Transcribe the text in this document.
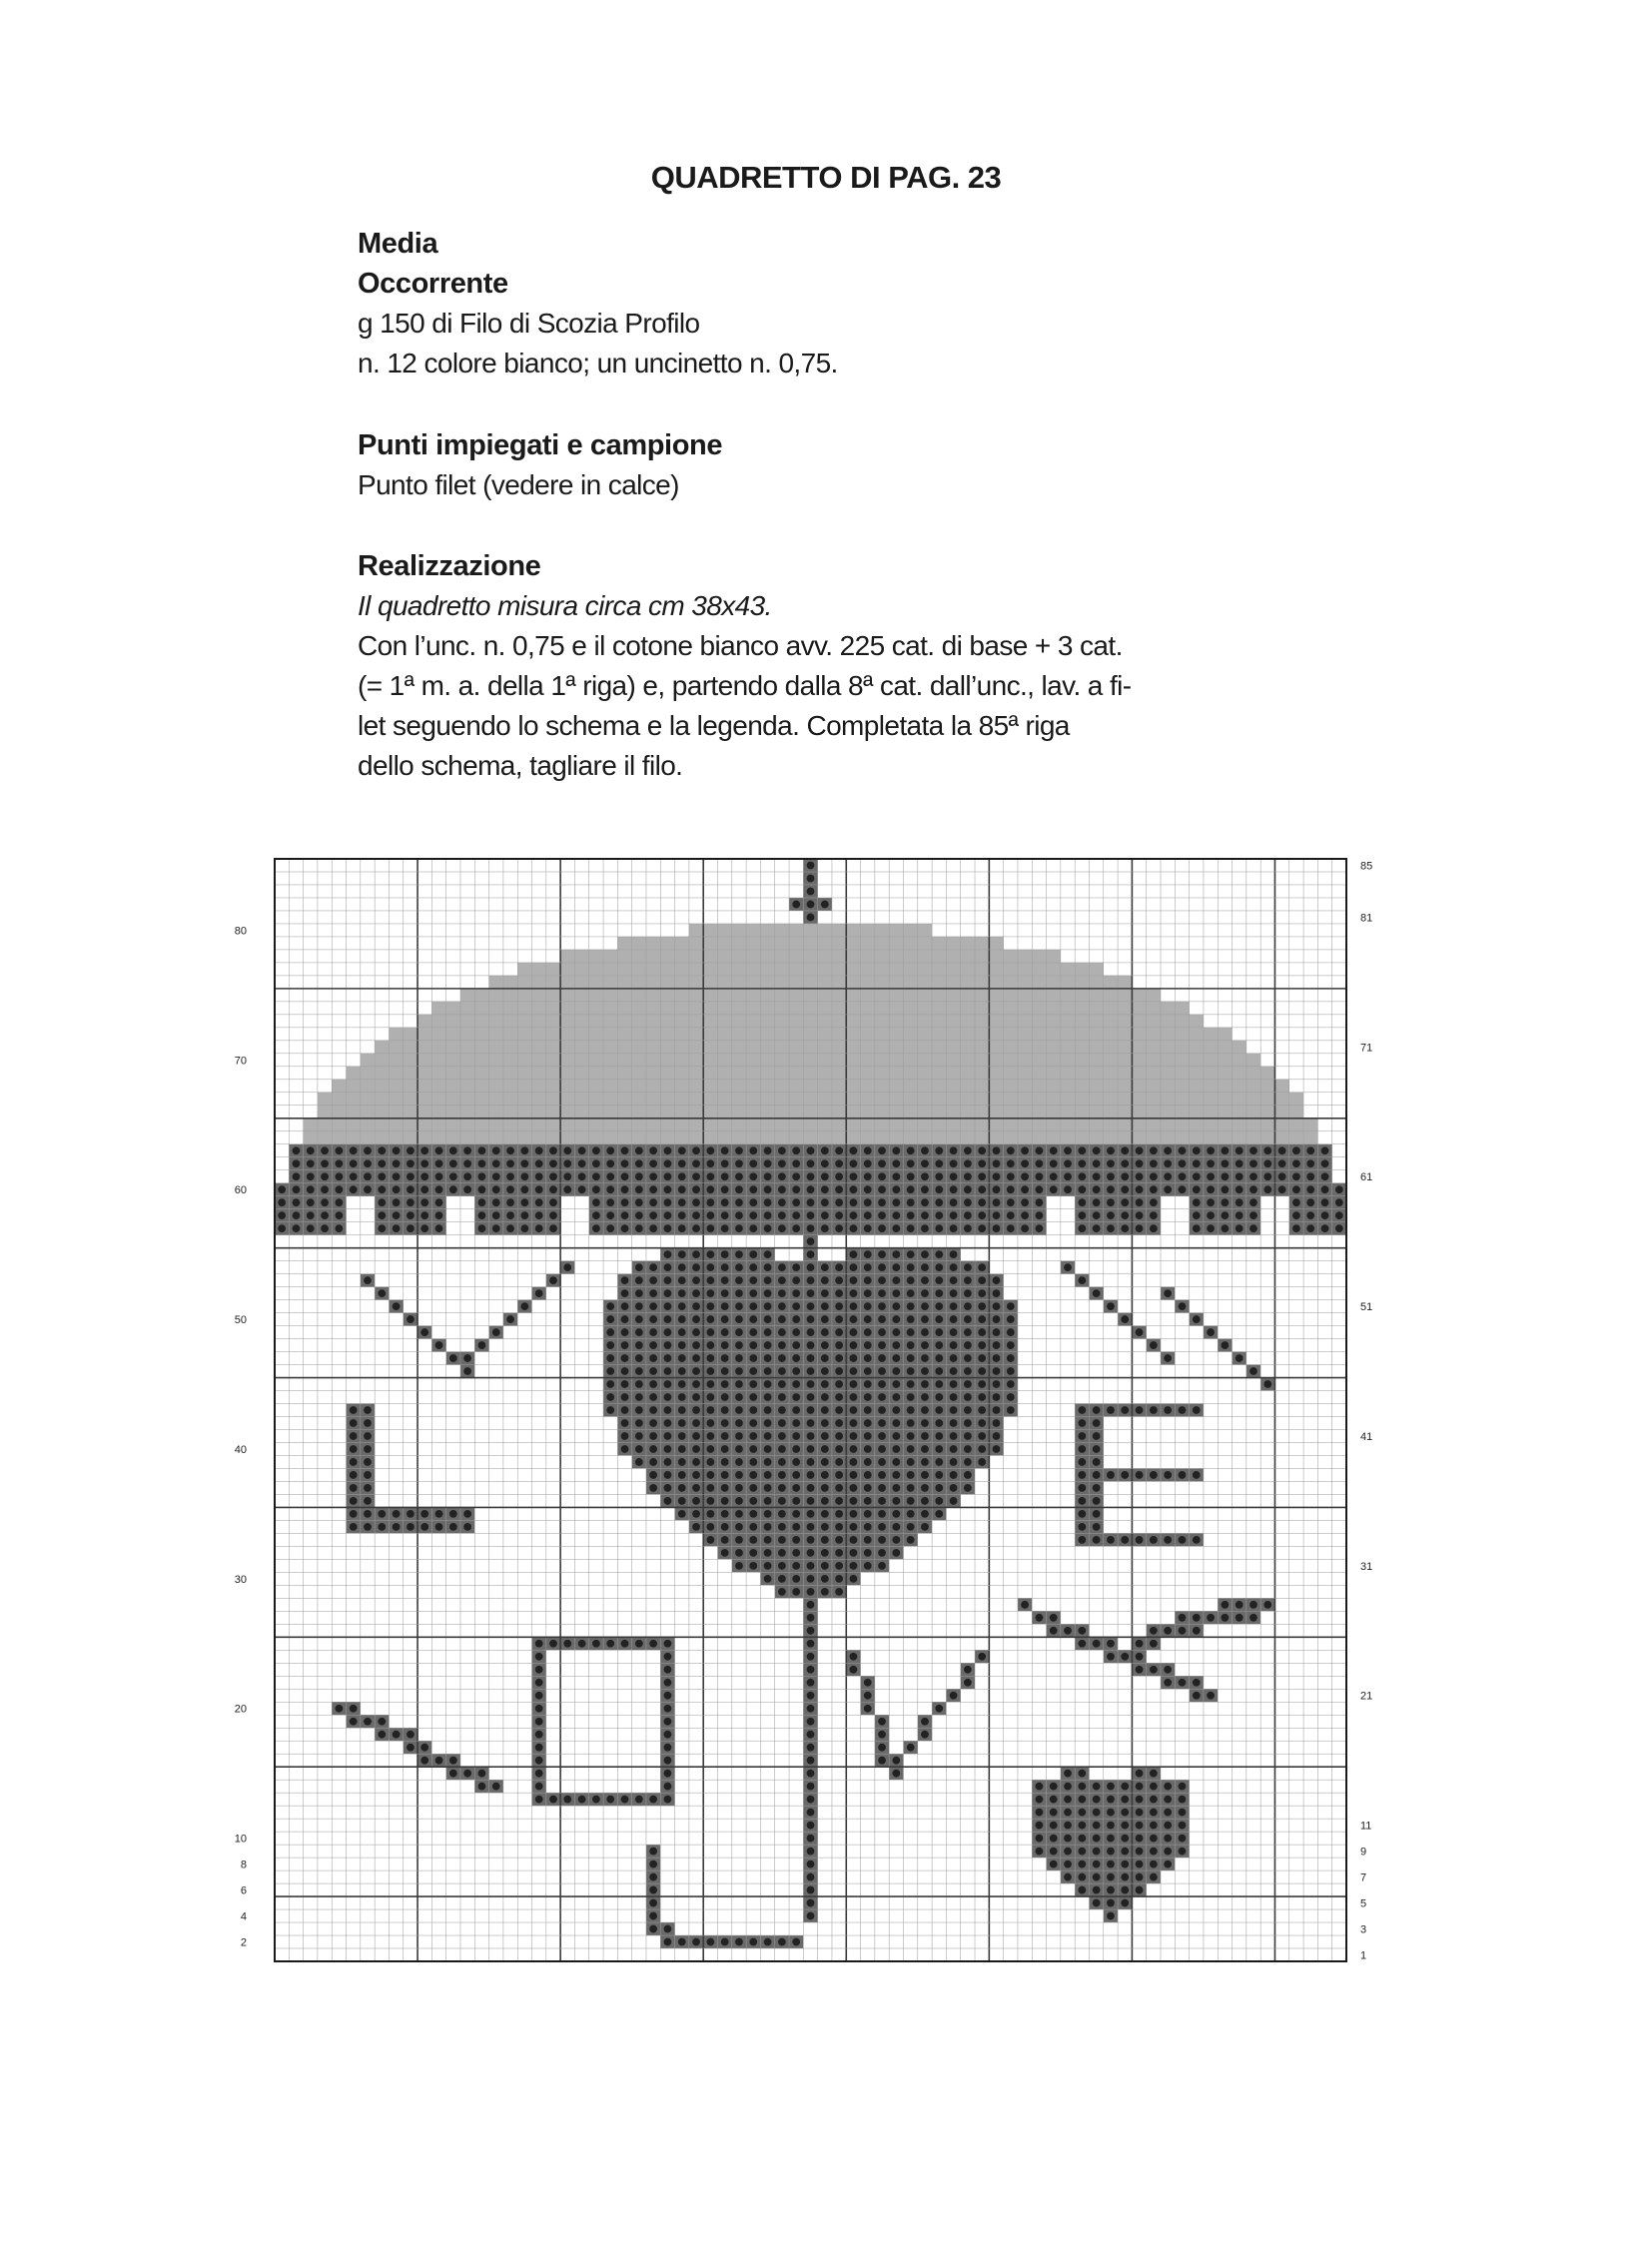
QUADRETTO DI PAG. 23
Media
Occorrente

g 150 di Filo di Scozia Profilo

n. 12 colore bianco; un uncinetto n. 0,75.

Punti impiegati e campione

Punto filet (vedere in calce)

Realizzazione

Il quadretto misura circa cm 38x43.

Con l’unc. n. 0,75 e il cotone bianco avv. 225 cat. di base + 3 cat.

(= 1ª m. a. della 1ª riga) e, partendo dalla 8ª cat. dall’unc., lav. a fi-

let seguendo lo schema e la legenda. Completata la 85ª riga

dello schema, tagliare il filo.

80
70
60
50
40
30
20
10
8
6
4
2
85
81
71
61
51
41
31
21
11
9
7
5
3
1
